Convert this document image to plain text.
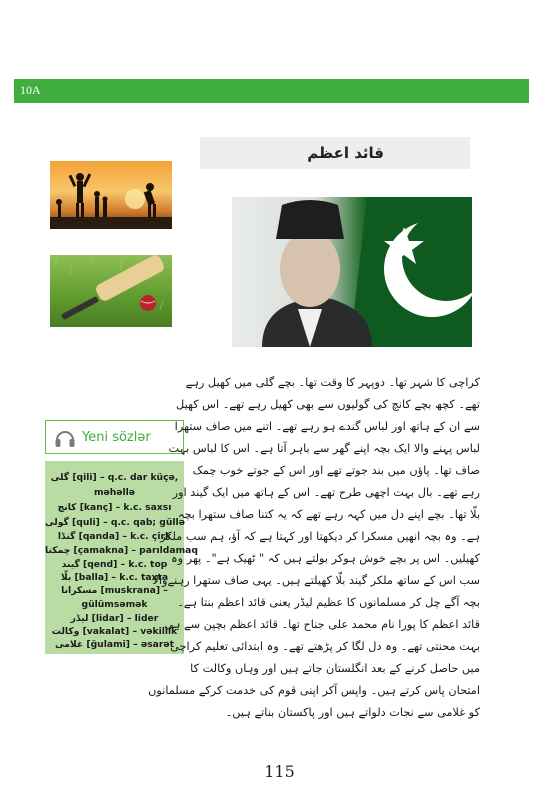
10A
قائد اعظم
Yeni sözlər
گلی [qili] – q.c. dar küçə,
məhəllə
کانچ [kanç] – k.c. saxsı
گولی [quli] – q.c. qab; güllə
گنڈا [qanda] – k.c. çirk
چمکنا [çamakna] – parıldamaq
گیند [qend] – k.c. top
بلّا [balla] – k.c. taxta
مسکرانا [muskrana] –
gülümsəmək
لیڈر [lidar] – lider
وکالت [vakalat] – vəkillik
غلامی [ğulami] – əsarət
کراچی کا شہر تھا۔ دوپہر کا وقت تھا۔ بچے گلی میں کھیل رہے
تھے۔ کچھ بچے کانچ کی گولیوں سے بھی کھیل رہے تھے۔ اس کھیل
سے ان کے ہاتھ اور لباس گندے ہو رہے تھے۔ اتنے میں صاف ستھرا
لباس پہنے والا ایک بچہ اپنے گھر سے باہر آتا ہے۔ اس کا لباس بہت
صاف تھا۔ پاؤں میں بند جوتے تھے اور اس کے جوتے خوب چمک
رہے تھے۔ بال بہت اچھی طرح تھے۔ اس کے ہاتھ میں ایک گیند اور
بلّا تھا۔ بچے اپنے دل میں کہہ رہے تھے کہ یہ کتنا صاف ستھرا بچہ
ہے۔ وہ بچہ انھیں مسکرا کر دیکھتا اور کہتا ہے کہ آؤ، ہم سب ملکر
کھیلیں۔ اس پر بچے خوش ہوکر بولتے ہیں کہ " ٹھیک ہے"۔ پھر وہ
سب اس کے ساتھ ملکر گیند بلّا کھیلتے ہیں۔ یہی صاف ستھرا رہنےوالا
بچہ آگے چل کر مسلمانوں کا عظیم لیڈر یعنی قائد اعظم بنتا ہے۔
قائد اعظم کا پورا نام محمد علی جناح تھا۔ قائد اعظم بچپن سے ہی
بہت محنتی تھے۔ وہ دل لگا کر پڑھتے تھے۔ وہ ابتدائی تعلیم کراچی
میں حاصل کرنے کے بعد انگلستان جاتے ہیں اور وہاں وکالت کا
امتحان پاس کرتے ہیں۔ واپس آکر اپنی قوم کی خدمت کرکے مسلمانوں
کو غلامی سے نجات دلواتے ہیں اور پاکستان بناتے ہیں۔
115
